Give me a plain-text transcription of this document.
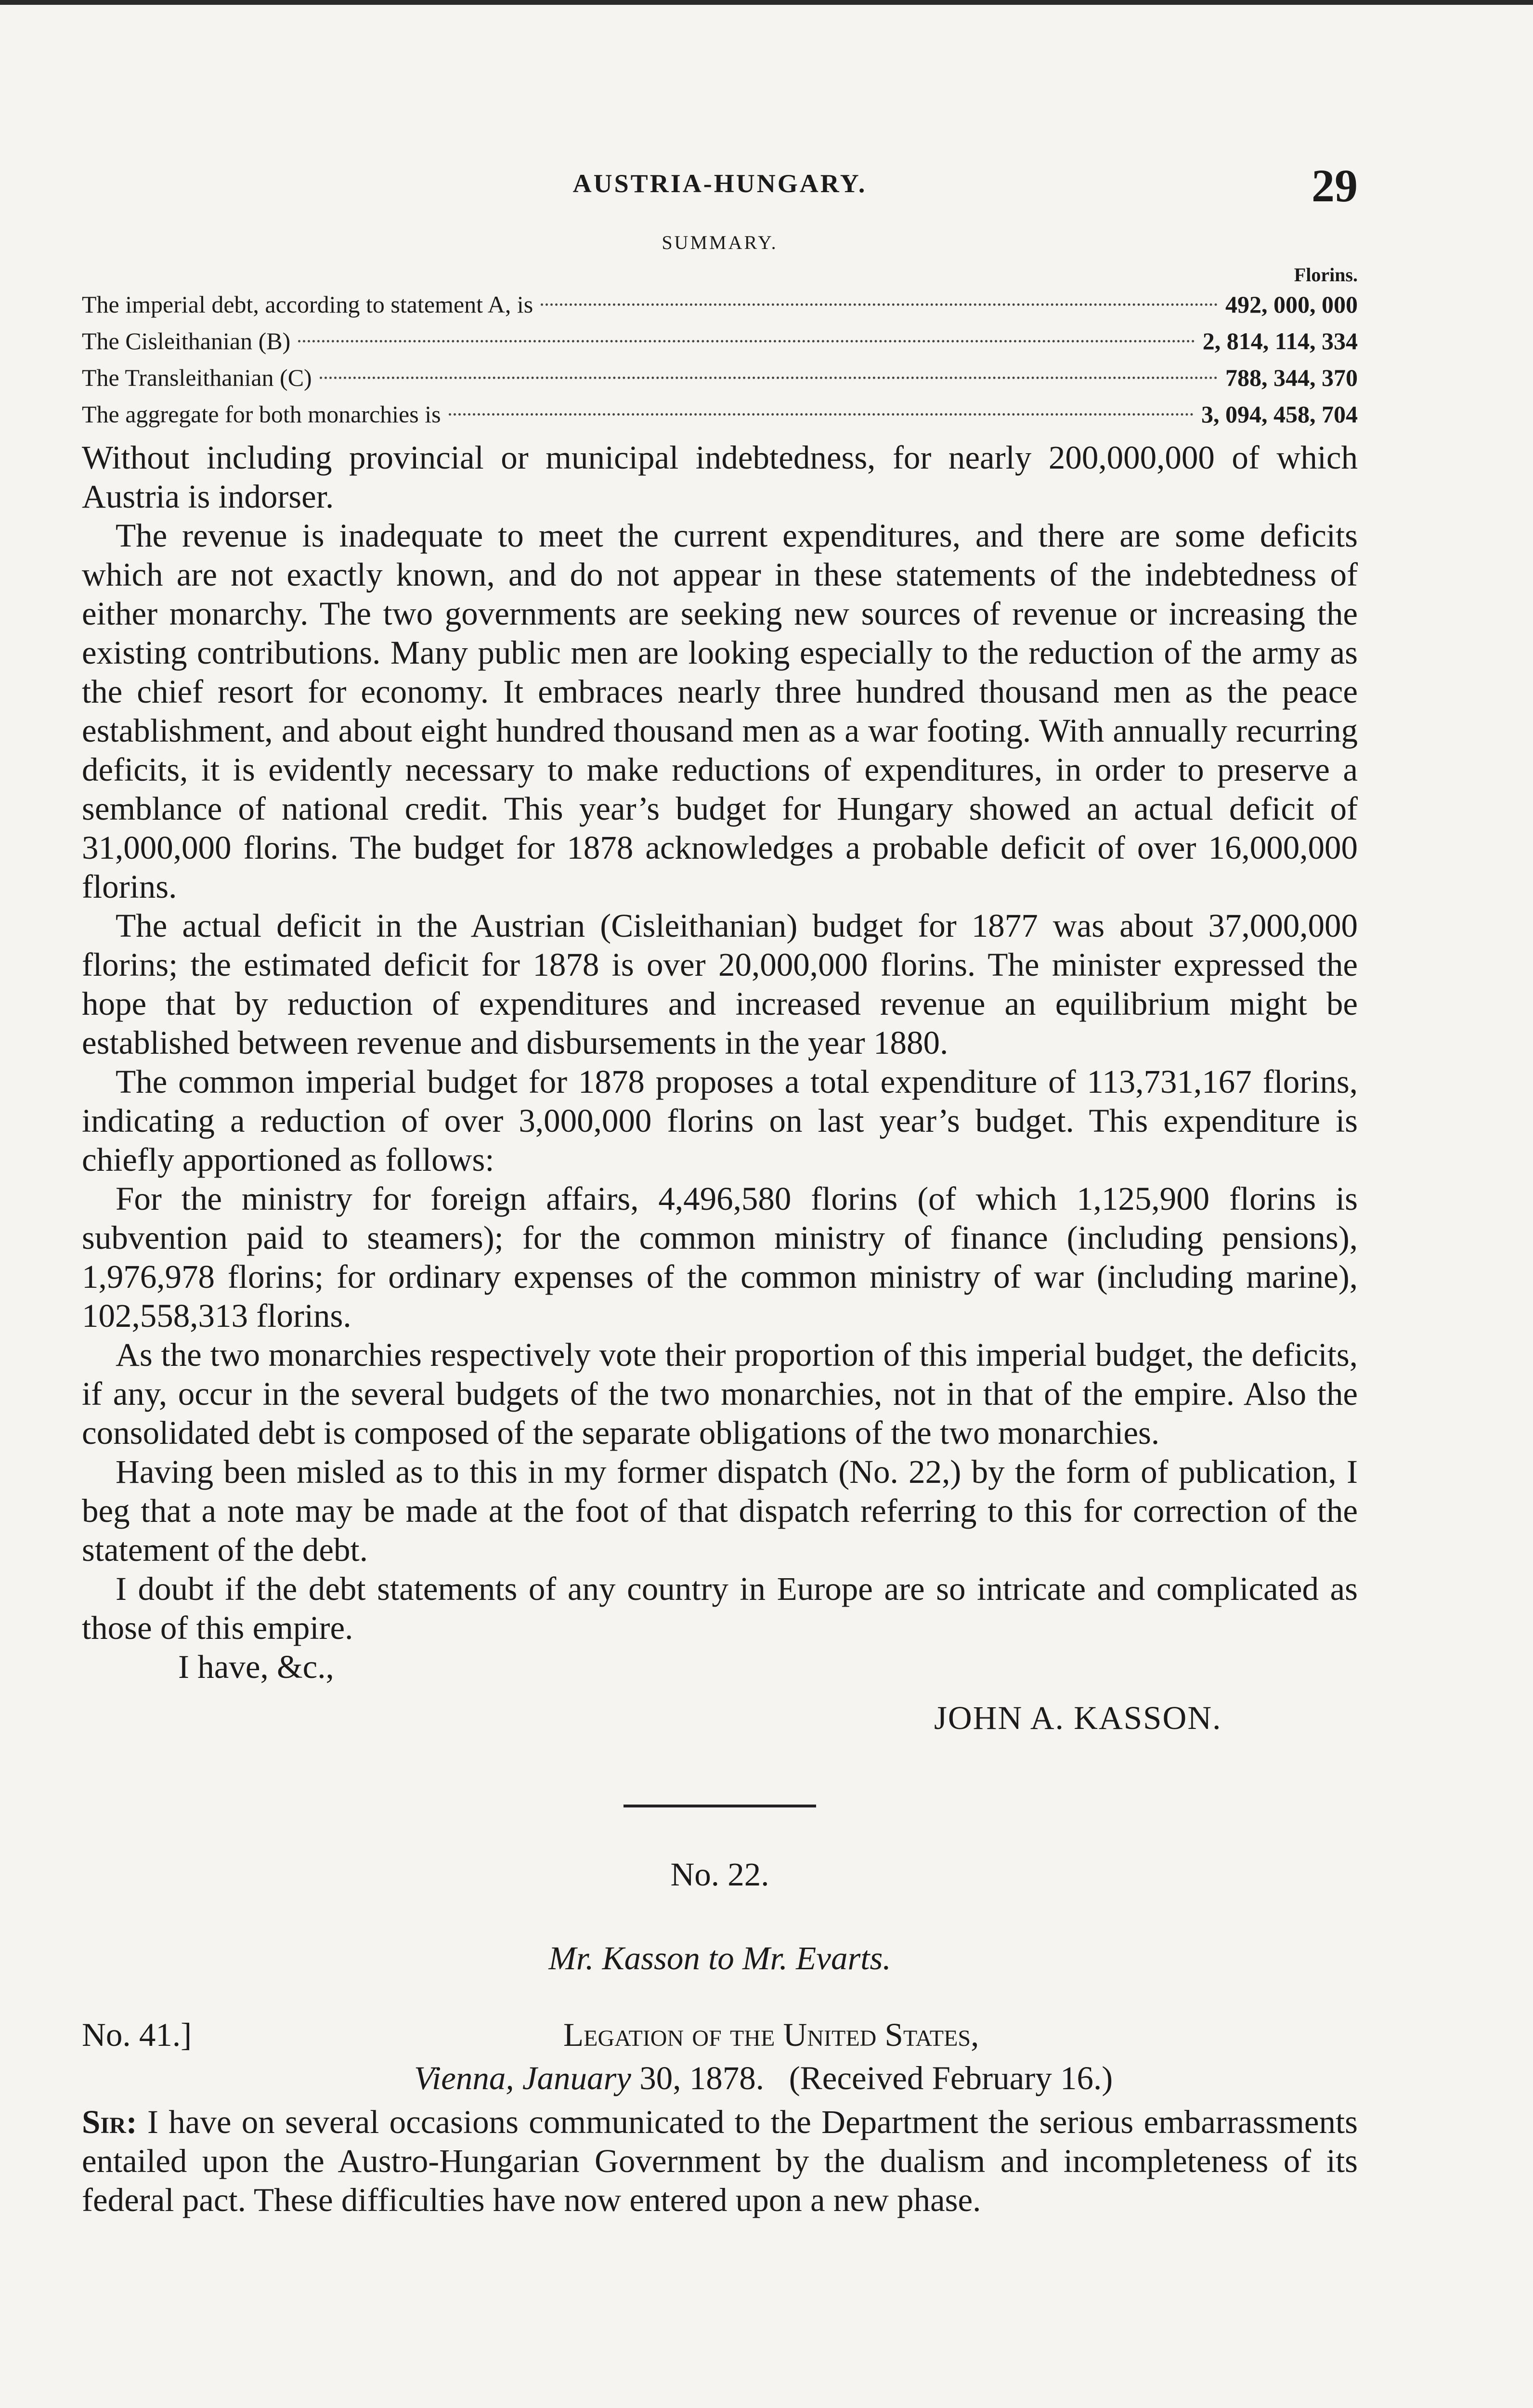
AUSTRIA-HUNGARY.	29
SUMMARY.
Florins.
The imperial debt, according to statement A, is	492, 000, 000
The Cisleithanian (B)	2, 814, 114, 334
The Transleithanian (C)	788, 344, 370
The aggregate for both monarchies is	3, 094, 458, 704

Without including provincial or municipal indebtedness, for nearly 200,000,000 of which Austria is indorser.

The revenue is inadequate to meet the current expenditures, and there are some deficits which are not exactly known, and do not appear in these statements of the indebtedness of either monarchy. The two governments are seeking new sources of revenue or increasing the existing contributions. Many public men are looking especially to the reduction of the army as the chief resort for economy. It embraces nearly three hundred thousand men as the peace establishment, and about eight hundred thousand men as a war footing. With annually recurring deficits, it is evidently necessary to make reductions of expenditures, in order to preserve a semblance of national credit. This year’s budget for Hungary showed an actual deficit of 31,000,000 florins. The budget for 1878 acknowledges a probable deficit of over 16,000,000 florins.

The actual deficit in the Austrian (Cisleithanian) budget for 1877 was about 37,000,000 florins; the estimated deficit for 1878 is over 20,000,000 florins. The minister expressed the hope that by reduction of expenditures and increased revenue an equilibrium might be established between revenue and disbursements in the year 1880.

The common imperial budget for 1878 proposes a total expenditure of 113,731,167 florins, indicating a reduction of over 3,000,000 florins on last year’s budget. This expenditure is chiefly apportioned as follows:

For the ministry for foreign affairs, 4,496,580 florins (of which 1,125,900 florins is subvention paid to steamers); for the common ministry of finance (including pensions), 1,976,978 florins; for ordinary expenses of the common ministry of war (including marine), 102,558,313 florins.

As the two monarchies respectively vote their proportion of this imperial budget, the deficits, if any, occur in the several budgets of the two monarchies, not in that of the empire. Also the consolidated debt is composed of the separate obligations of the two monarchies.

Having been misled as to this in my former dispatch (No. 22,) by the form of publication, I beg that a note may be made at the foot of that dispatch referring to this for correction of the statement of the debt.

I doubt if the debt statements of any country in Europe are so intricate and complicated as those of this empire.

I have, &c.,
JOHN A. KASSON.
No. 22.
Mr. Kasson to Mr. Evarts.
No. 41.]	Legation of the United States,
Vienna, January 30, 1878. (Received February 16.)
Sir: I have on several occasions communicated to the Department the serious embarrassments entailed upon the Austro-Hungarian Government by the dualism and incompleteness of its federal pact. These difficulties have now entered upon a new phase.
